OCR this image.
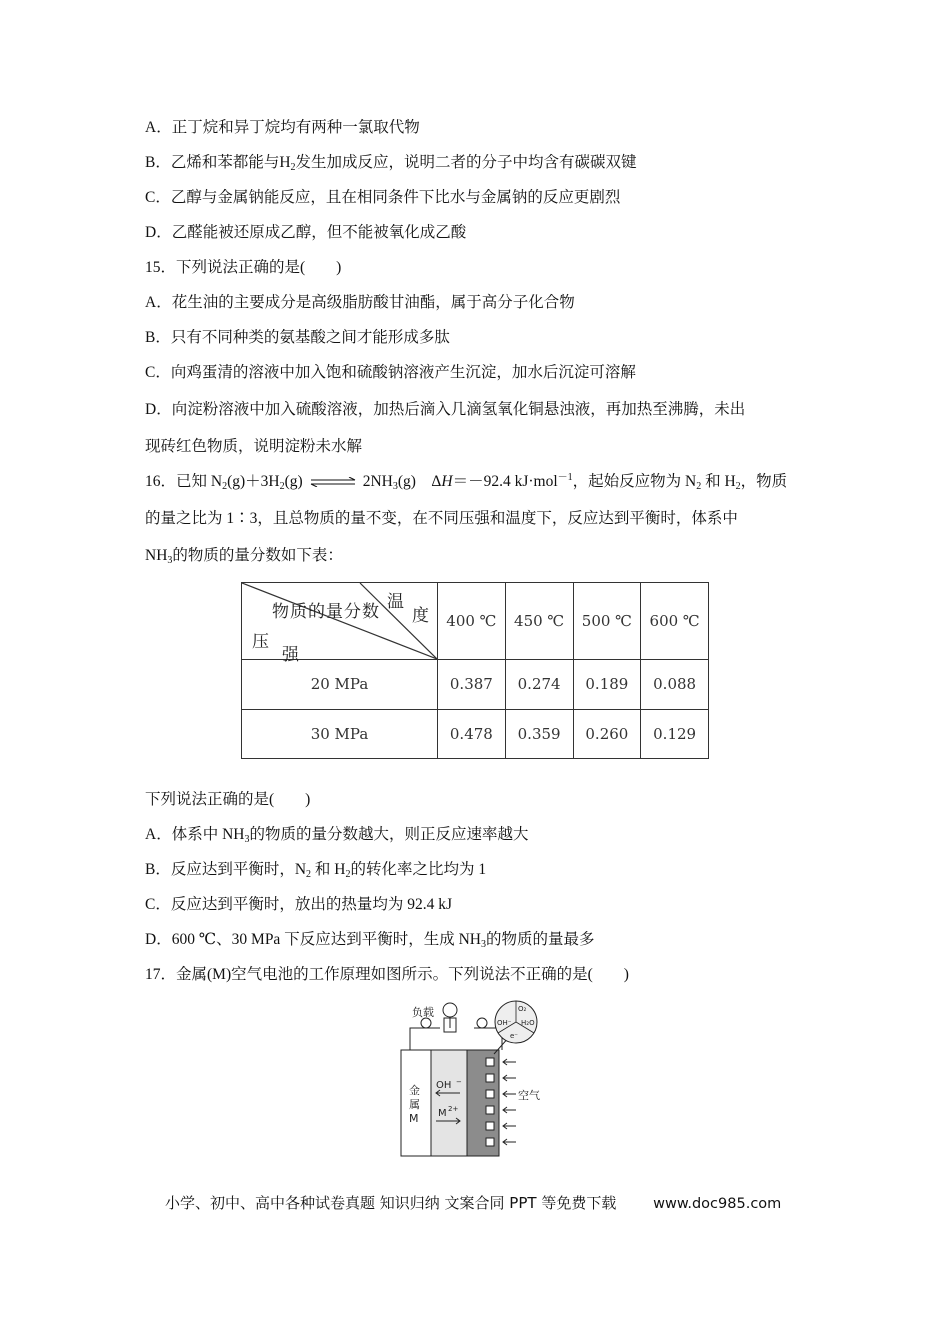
A．正丁烷和异丁烷均有两种一氯取代物
B．乙烯和苯都能与$H_2$发生加成反应，说明二者的分子中均含有碳碳双键
C．乙醇与金属钠能反应，且在相同条件下比水与金属钠的反应更剧烈
D．乙醛能被还原成乙醇，但不能被氧化成乙酸
15．下列说法正确的是(　　)
A．花生油的主要成分是高级脂肪酸甘油酯，属于高分子化合物
B．只有不同种类的氨基酸之间才能形成多肽
C．向鸡蛋清的溶液中加入饱和硫酸钠溶液产生沉淀，加水后沉淀可溶解
D．向淀粉溶液中加入硫酸溶液，加热后滴入几滴氢氧化铜悬浊液，再加热至沸腾，未出
现砖红色物质，说明淀粉未水解
16．已知 $N_2(g)+3H_2(g)$ ⇌ $2NH_3(g)$　ΔH＝－92.4 kJ·mol$^{-1}$，起始反应物为 $N_2$ 和 $H_2$，物质
的量之比为 1∶3，且总物质的量不变，在不同压强和温度下，反应达到平衡时，体系中
$NH_3$的物质的量分数如下表：
物质的量分数 温
度
压
强	400 ℃	450 ℃	500 ℃	600 ℃
20 MPa	0.387	0.274	0.189	0.088
30 MPa	0.478	0.359	0.260	0.129
下列说法正确的是(　　)
A．体系中 $NH_3$的物质的量分数越大，则正反应速率越大
B．反应达到平衡时，$N_2$ 和 $H_2$的转化率之比均为 1
C．反应达到平衡时，放出的热量均为 92.4 kJ
D．600 ℃、30 MPa 下反应达到平衡时，生成 $NH_3$的物质的量最多
17．金属(M)空气电池的工作原理如图所示。下列说法不正确的是(　　)
负载
金
属
M
OH −
M 2+
空气
O₂
H₂O
OH⁻
e⁻
小学、初中、高中各种试卷真题 知识归纳 文案合同 PPT 等免费下载	www.doc985.com
